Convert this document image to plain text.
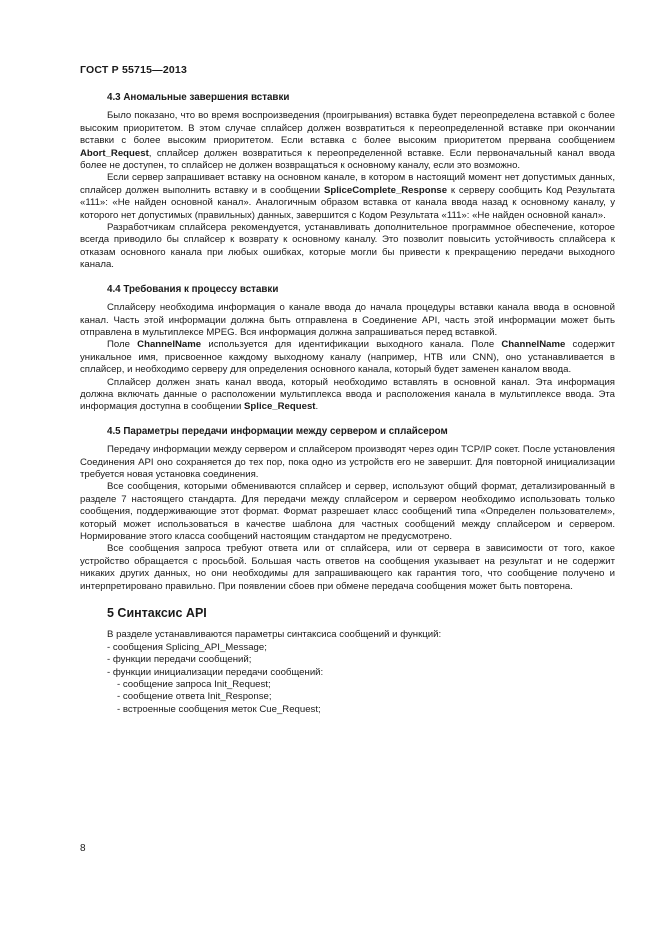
ГОСТ Р 55715—2013
4.3 Аномальные завершения вставки

Было показано, что во время воспроизведения (проигрывания) вставка будет переопределена вставкой с более высоким приоритетом. В этом случае сплайсер должен возвратиться к переопределенной вставке при окончании вставки с более высоким приоритетом. Если вставка с более высоким приоритетом прервана сообщением Abort_Request, сплайсер должен возвратиться к переопределенной вставке. Если первоначальный канал ввода более не доступен, то сплайсер не должен возвращаться к основному каналу, если это возможно.

Если сервер запрашивает вставку на основном канале, в котором в настоящий момент нет допустимых данных, сплайсер должен выполнить вставку и в сообщении SpliceComplete_Response к серверу сообщить Код Результата «111»: «Не найден основной канал». Аналогичным образом вставка от канала ввода назад к основному каналу, у которого нет допустимых (правильных) данных, завершится с Кодом Результата «111»: «Не найден основной канал».

Разработчикам сплайсера рекомендуется, устанавливать дополнительное программное обеспечение, которое всегда приводило бы сплайсер к возврату к основному каналу. Это позволит повысить устойчивость сплайсера к отказам основного канала при любых ошибках, которые могли бы привести к прекращению передачи выходного канала.

4.4 Требования к процессу вставки

Сплайсеру необходима информация о канале ввода до начала процедуры вставки канала ввода в основной канал. Часть этой информации должна быть отправлена в Соединение API, часть этой информации может быть отправлена в мультиплексе MPEG. Вся информация должна запрашиваться перед вставкой.

Поле ChannelName используется для идентификации выходного канала. Поле ChannelName содержит уникальное имя, присвоенное каждому выходному каналу (например, HTB или CNN), оно устанавливается в сплайсер, и необходимо серверу для определения основного канала, который будет заменен каналом ввода.

Сплайсер должен знать канал ввода, который необходимо вставлять в основной канал. Эта информация должна включать данные о расположении мультиплекса ввода и расположения канала в мультиплексе ввода. Эта информация доступна в сообщении Splice_Request.

4.5 Параметры передачи информации между сервером и сплайсером

Передачу информации между сервером и сплайсером производят через один TCP/IP сокет. После установления Соединения API оно сохраняется до тех пор, пока одно из устройств его не завершит. Для повторной инициализации требуется новая установка соединения.

Все сообщения, которыми обмениваются сплайсер и сервер, используют общий формат, детализированный в разделе 7 настоящего стандарта. Для передачи между сплайсером и сервером необходимо использовать только сообщения, поддерживающие этот формат. Формат разрешает класс сообщений типа «Определен пользователем», который может использоваться в качестве шаблона для частных сообщений между сплайсером и сервером. Нормирование этого класса сообщений настоящим стандартом не предусмотрено.

Все сообщения запроса требуют ответа или от сплайсера, или от сервера в зависимости от того, какое устройство обращается с просьбой. Большая часть ответов на сообщения указывает на результат и не содержит никаких других данных, но они необходимы для запрашивающего как гарантия того, что сообщение получено и интерпретировано правильно. При появлении сбоев при обмене передача сообщения может быть повторена.

5 Синтаксис API

В разделе устанавливаются параметры синтаксиса сообщений и функций:

- сообщения Splicing_API_Message;
- функции передачи сообщений;
- функции инициализации передачи сообщений:
- сообщение запроса Init_Request;
- сообщение ответа Init_Response;
- встроенные сообщения меток Cue_Request;
8
